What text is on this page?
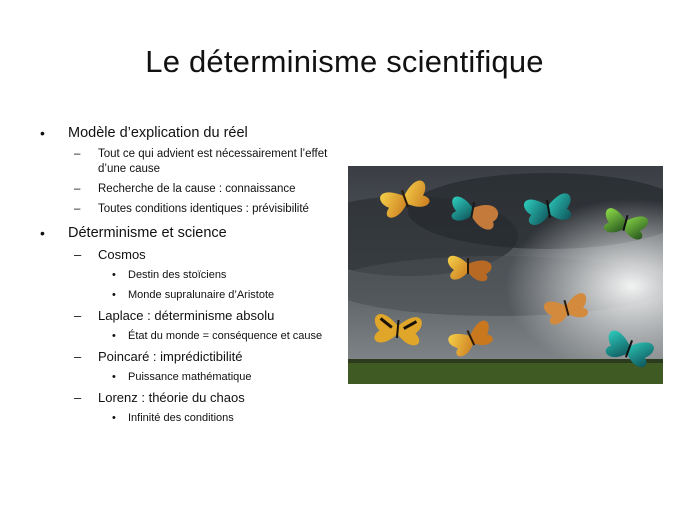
Le déterminisme scientifique
• Modèle d’explication du réel
– Tout ce qui advient est nécessairement l’effet d’une cause
– Recherche de la cause : connaissance
– Toutes conditions identiques : prévisibilité
• Déterminisme et science
– Cosmos
• Destin des stoïciens
• Monde supralunaire d’Aristote
– Laplace : déterminisme absolu
• État du monde = conséquence et cause
– Poincaré : imprédictibilité
• Puissance mathématique
– Lorenz : théorie du chaos
• Infinité des conditions
